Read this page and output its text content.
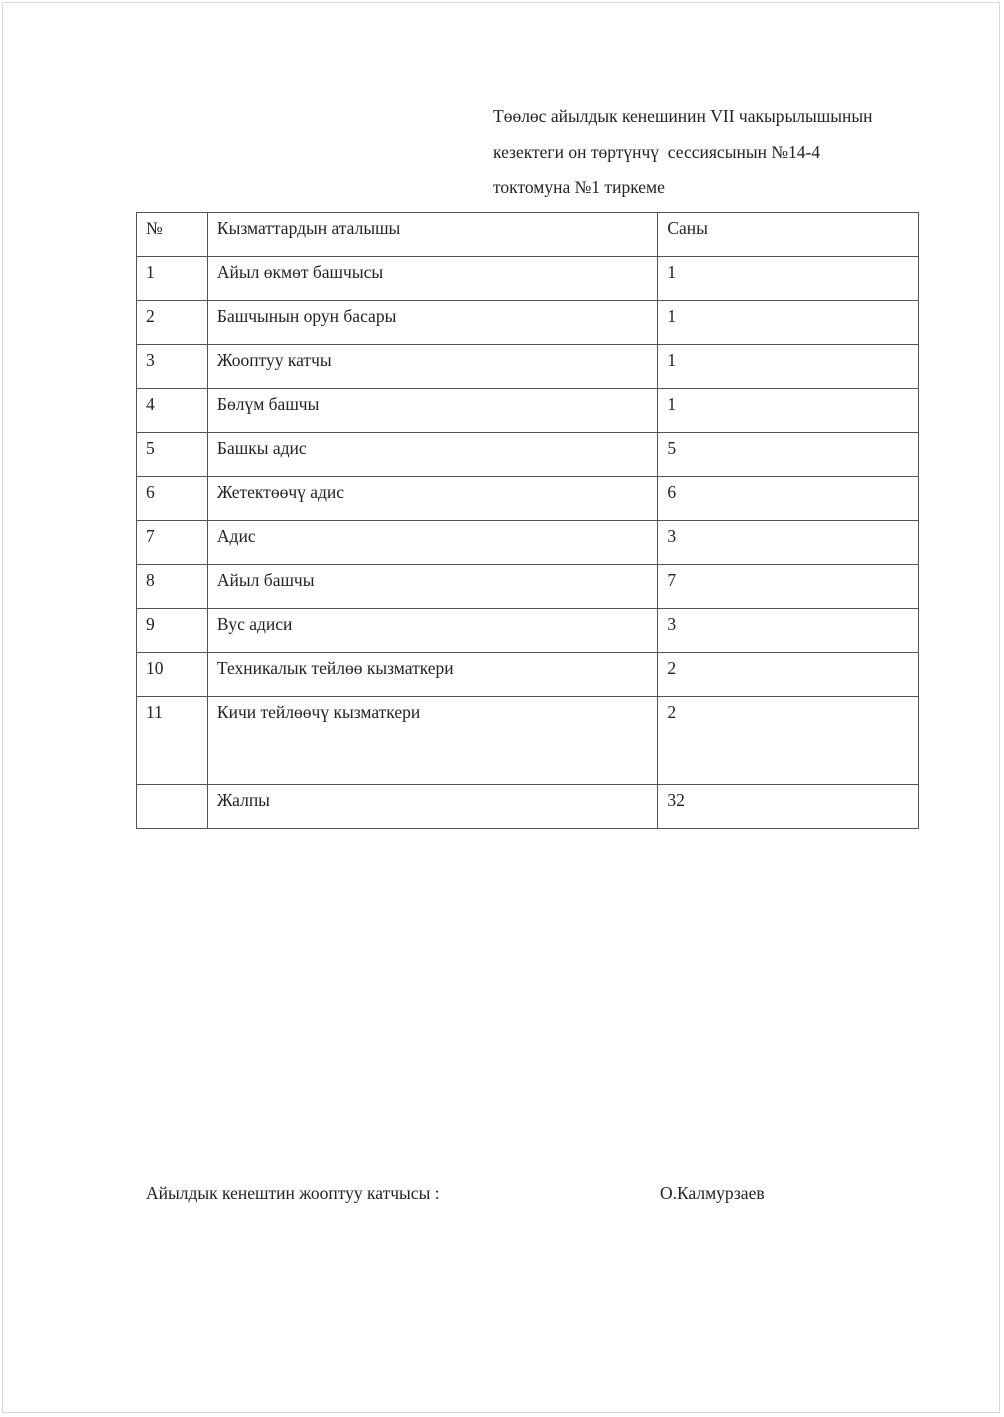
Төөлөс айылдык кенешинин VII чакырылышынын
кезектеги он төртүнчү  сессиясынын №14-4
токтомуна №1 тиркеме
№	Кызматтардын аталышы	Саны
1	Айыл өкмөт башчысы	1
2	Башчынын орун басары	1
3	Жооптуу катчы	1
4	Бөлүм башчы	1
5	Башкы адис	5
6	Жетектөөчү адис	6
7	Адис	3
8	Айыл башчы	7
9	Вус адиси	3
10	Техникалык тейлөө кызматкери	2
11	Кичи тейлөөчү кызматкери	2
	Жалпы	32
Айылдык кенештин жооптуу катчысы :	О.Калмурзаев
